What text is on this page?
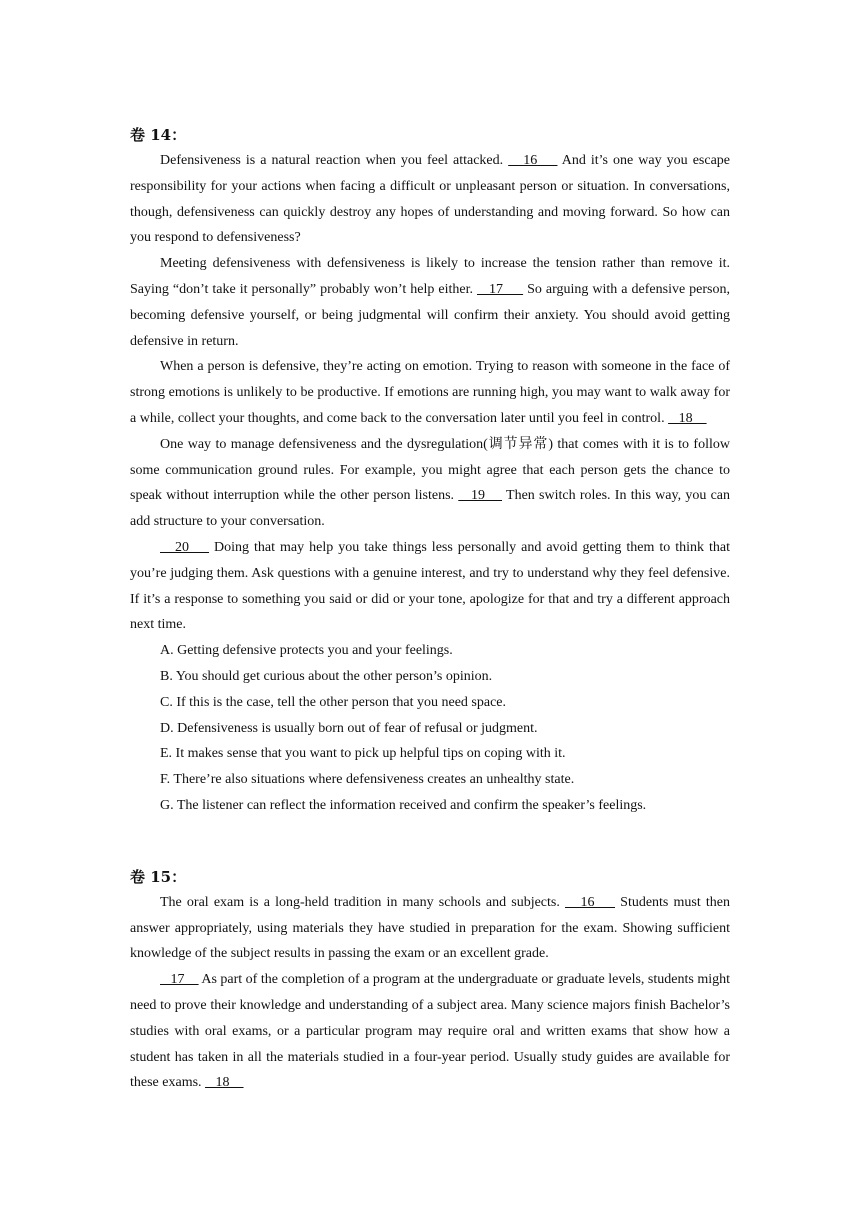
卷 14：

Defensiveness is a natural reaction when you feel attacked.    16     And it’s one way you escape responsibility for your actions when facing a difficult or unpleasant person or situation. In conversations, though, defensiveness can quickly destroy any hopes of understanding and moving forward. So how can you respond to defensiveness?

Meeting defensiveness with defensiveness is likely to increase the tension rather than remove it. Saying “don’t take it personally” probably won’t help either.    17      So arguing with a defensive person, becoming defensive yourself, or being judgmental will confirm their anxiety. You should avoid getting defensive in return.

When a person is defensive, they’re acting on emotion. Trying to reason with someone in the face of strong emotions is unlikely to be productive. If emotions are running high, you may want to walk away for a while, collect your thoughts, and come back to the conversation later until you feel in control.    18

One way to manage defensiveness and the dysregulation(调节异常) that comes with it is to follow some communication ground rules. For example, you might agree that each person gets the chance to speak without interruption while the other person listens.    19     Then switch roles. In this way, you can add structure to your conversation.

20     Doing that may help you take things less personally and avoid getting them to think that you’re judging them. Ask questions with a genuine interest, and try to understand why they feel defensive. If it’s a response to something you said or did or your tone, apologize for that and try a different approach next time.

A. Getting defensive protects you and your feelings.
B. You should get curious about the other person’s opinion.
C. If this is the case, tell the other person that you need space.
D. Defensiveness is usually born out of fear of refusal or judgment.
E. It makes sense that you want to pick up helpful tips on coping with it.
F. There’re also situations where defensiveness creates an unhealthy state.
G. The listener can reflect the information received and confirm the speaker’s feelings.
卷 15：

The oral exam is a long-held tradition in many schools and subjects.    16     Students must then answer appropriately, using materials they have studied in preparation for the exam. Showing sufficient knowledge of the subject results in passing the exam or an excellent grade.

17     As part of the completion of a program at the undergraduate or graduate levels, students might need to prove their knowledge and understanding of a subject area. Many science majors finish Bachelor’s studies with oral exams, or a particular program may require oral and written exams that show how a student has taken in all the materials studied in a four-year period. Usually study guides are available for these exams.    18
